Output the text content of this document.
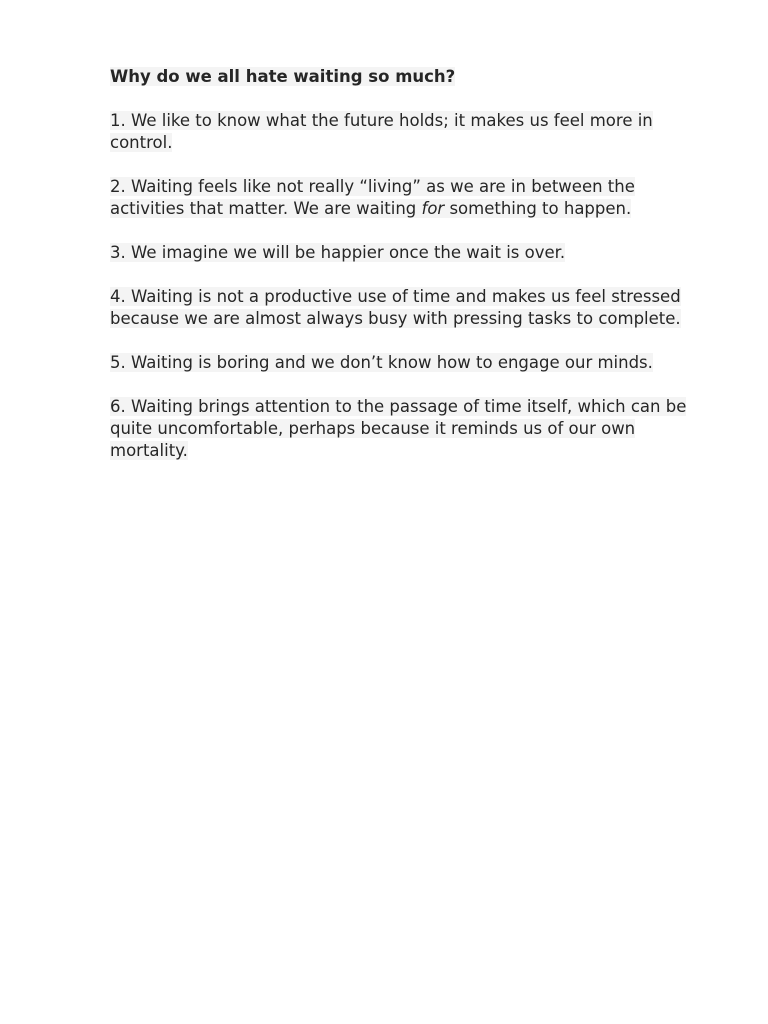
Why do we all hate waiting so much?
1. We like to know what the future holds; it makes us feel more in control.
2. Waiting feels like not really “living” as we are in between the activities that matter. We are waiting for something to happen.
3. We imagine we will be happier once the wait is over.
4. Waiting is not a productive use of time and makes us feel stressed because we are almost always busy with pressing tasks to complete.
5. Waiting is boring and we don’t know how to engage our minds.
6. Waiting brings attention to the passage of time itself, which can be quite uncomfortable, perhaps because it reminds us of our own mortality.
